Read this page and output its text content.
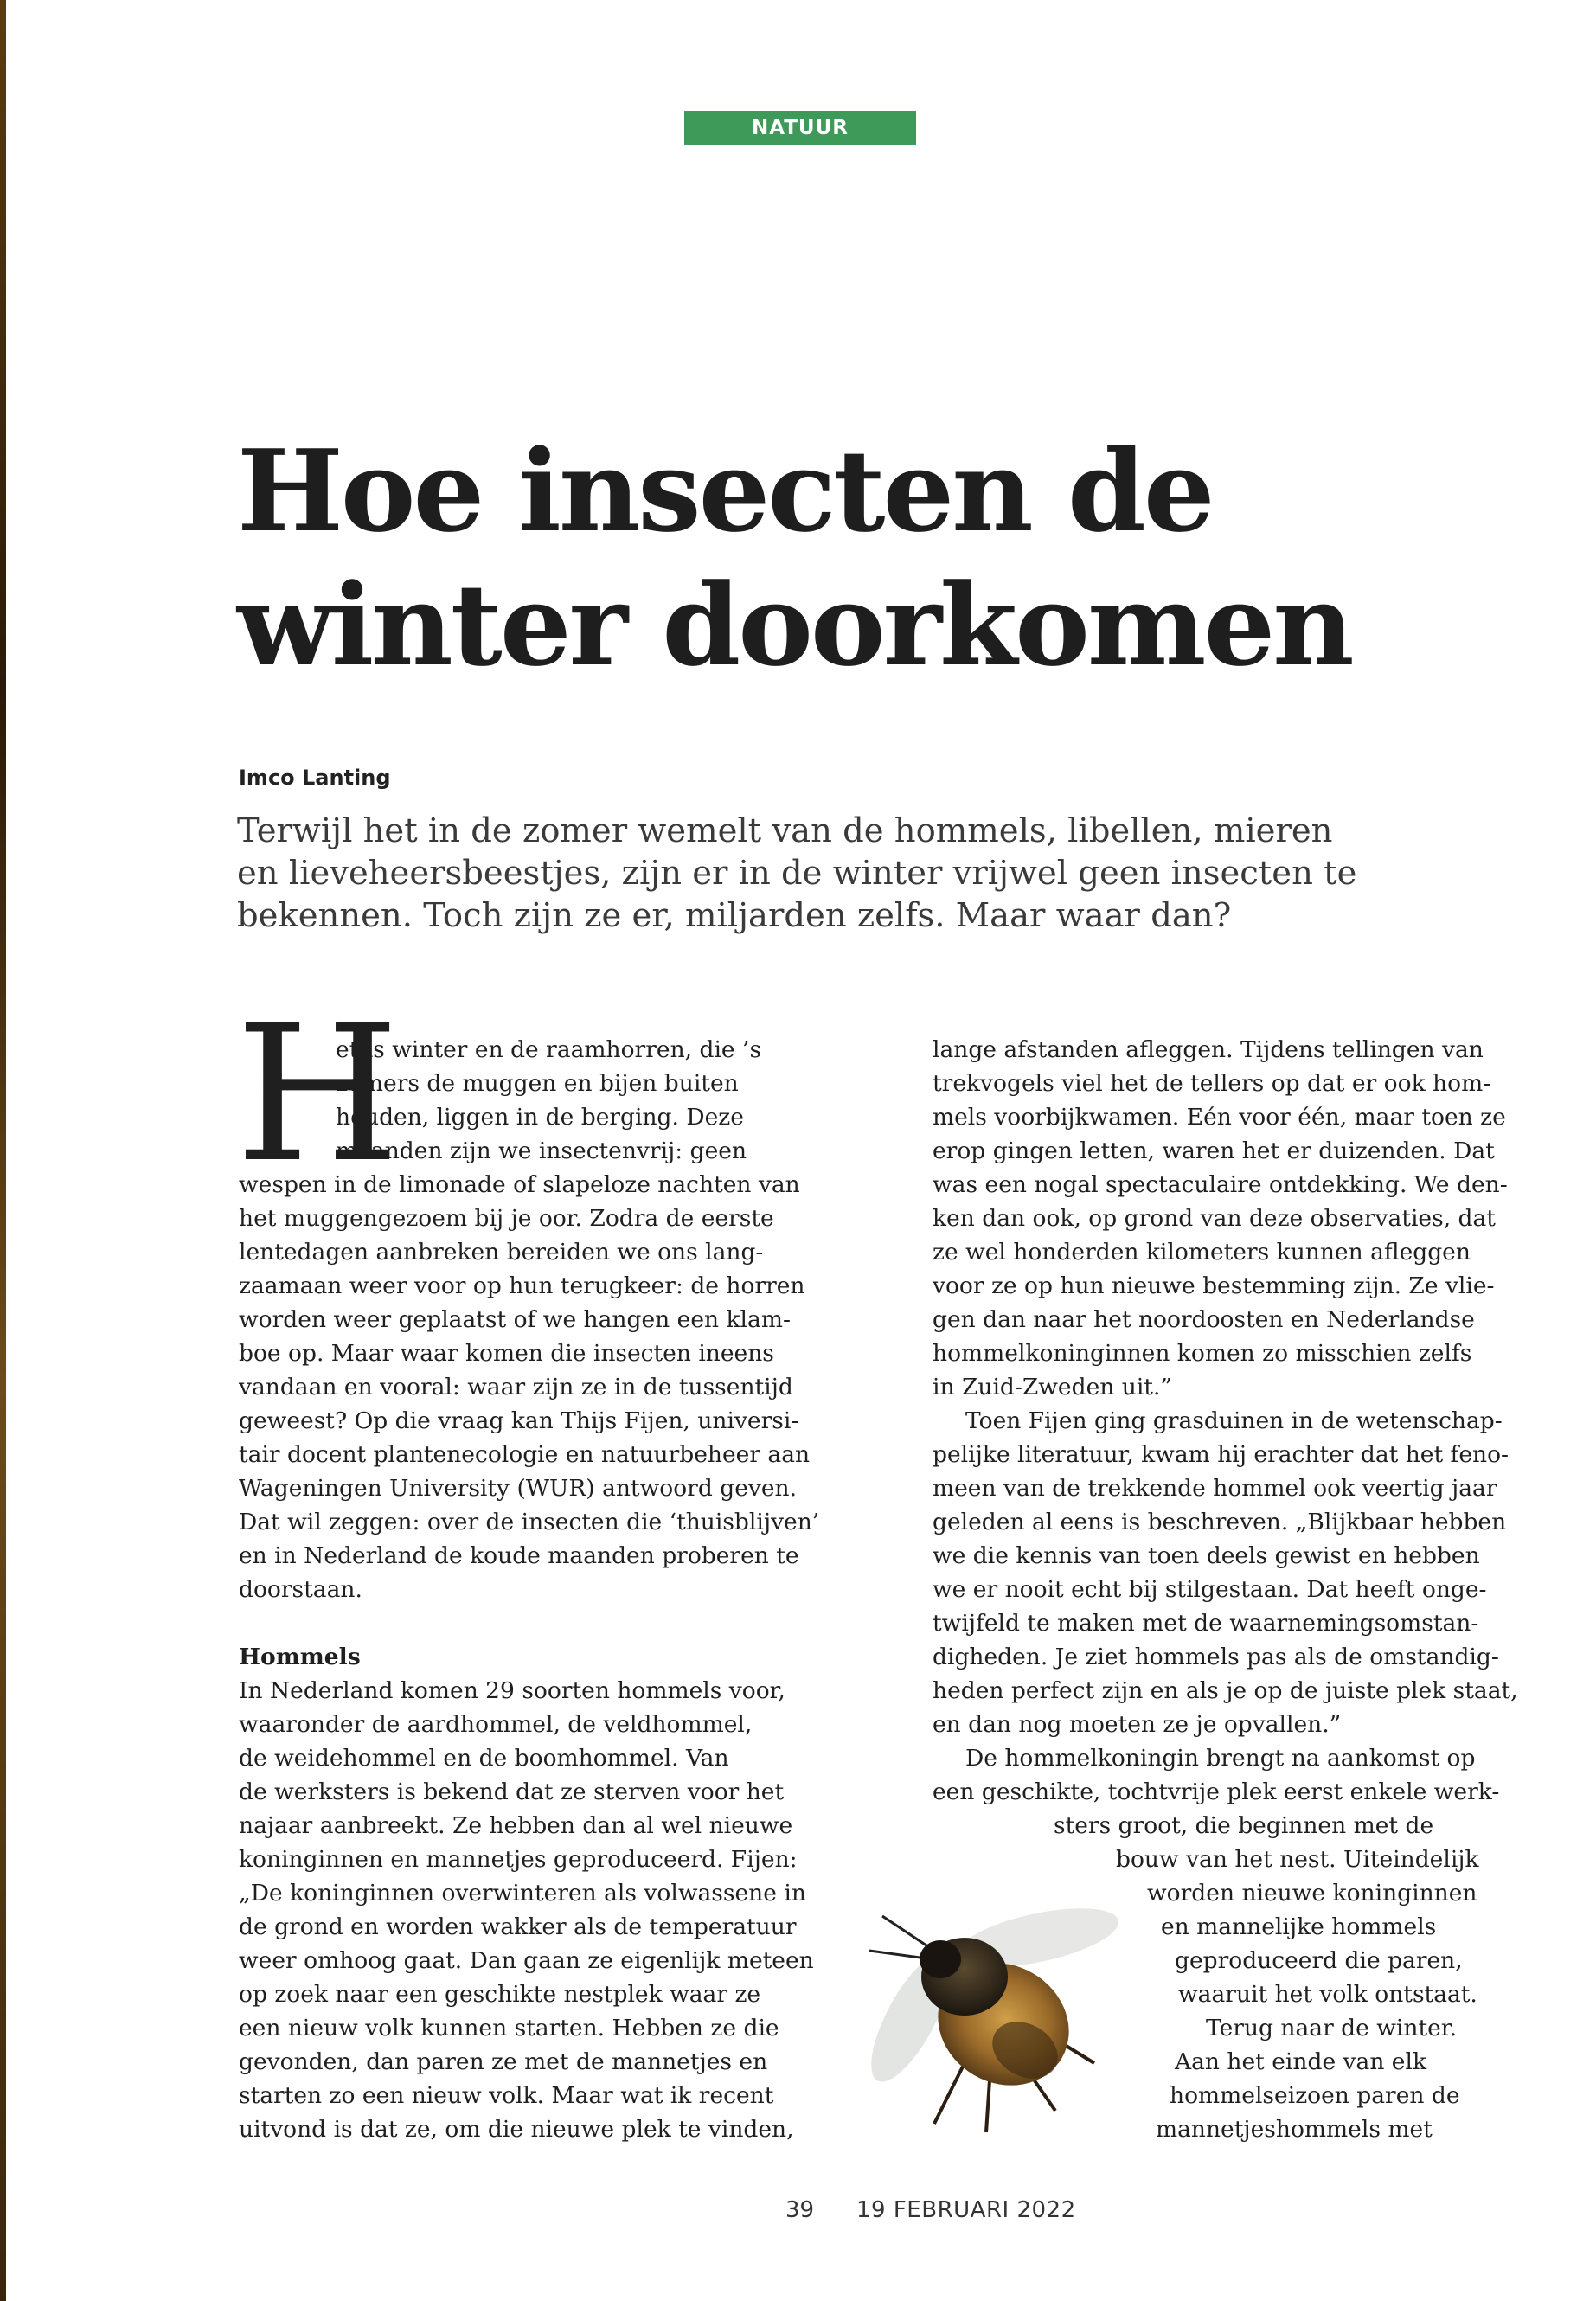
NATUUR
Hoe insecten de
winter doorkomen
Imco Lanting

Terwijl het in de zomer wemelt van de hommels, libellen, mieren
en lieveheersbeestjes, zijn er in de winter vrijwel geen insecten te
bekennen. Toch zijn ze er, miljarden zelfs. Maar waar dan?

H
et is winter en de raamhorren, die ’s
zomers de muggen en bijen buiten
houden, liggen in de berging. Deze
maanden zijn we insectenvrij: geen
wespen in de limonade of slapeloze nachten van
het muggengezoem bij je oor. Zodra de eerste
lentedagen aanbreken bereiden we ons lang-
zaamaan weer voor op hun terugkeer: de horren
worden weer geplaatst of we hangen een klam-
boe op. Maar waar komen die insecten ineens
vandaan en vooral: waar zijn ze in de tussentijd
geweest? Op die vraag kan Thijs Fijen, universi-
tair docent plantenecologie en natuurbeheer aan
Wageningen University (WUR) antwoord geven.
Dat wil zeggen: over de insecten die ‘thuisblijven’
en in Nederland de koude maanden proberen te
doorstaan.
Hommels
In Nederland komen 29 soorten hommels voor,
waaronder de aardhommel, de veldhommel,
de weidehommel en de boomhommel. Van
de werksters is bekend dat ze sterven voor het
najaar aanbreekt. Ze hebben dan al wel nieuwe
koninginnen en mannetjes geproduceerd. Fijen:
„De koninginnen overwinteren als volwassene in
de grond en worden wakker als de temperatuur
weer omhoog gaat. Dan gaan ze eigenlijk meteen
op zoek naar een geschikte nestplek waar ze
een nieuw volk kunnen starten. Hebben ze die
gevonden, dan paren ze met de mannetjes en
starten zo een nieuw volk. Maar wat ik recent
uitvond is dat ze, om die nieuwe plek te vinden,
lange afstanden afleggen. Tijdens tellingen van
trekvogels viel het de tellers op dat er ook hom-
mels voorbijkwamen. Eén voor één, maar toen ze
erop gingen letten, waren het er duizenden. Dat
was een nogal spectaculaire ontdekking. We den-
ken dan ook, op grond van deze observaties, dat
ze wel honderden kilometers kunnen afleggen
voor ze op hun nieuwe bestemming zijn. Ze vlie-
gen dan naar het noordoosten en Nederlandse
hommelkoninginnen komen zo misschien zelfs
in Zuid-Zweden uit.”
Toen Fijen ging grasduinen in de wetenschap-
pelijke literatuur, kwam hij erachter dat het feno-
meen van de trekkende hommel ook veertig jaar
geleden al eens is beschreven. „Blijkbaar hebben
we die kennis van toen deels gewist en hebben
we er nooit echt bij stilgestaan. Dat heeft onge-
twijfeld te maken met de waarnemingsomstan-
digheden. Je ziet hommels pas als de omstandig-
heden perfect zijn en als je op de juiste plek staat,
en dan nog moeten ze je opvallen.”
De hommelkoningin brengt na aankomst op
een geschikte, tochtvrije plek eerst enkele werk-
sters groot, die beginnen met de
bouw van het nest. Uiteindelijk
worden nieuwe koninginnen
en mannelijke hommels
geproduceerd die paren,
waaruit het volk ontstaat.
Terug naar de winter.
Aan het einde van elk
hommelseizoen paren de
mannetjeshommels met
39 19 FEBRUARI 2022
